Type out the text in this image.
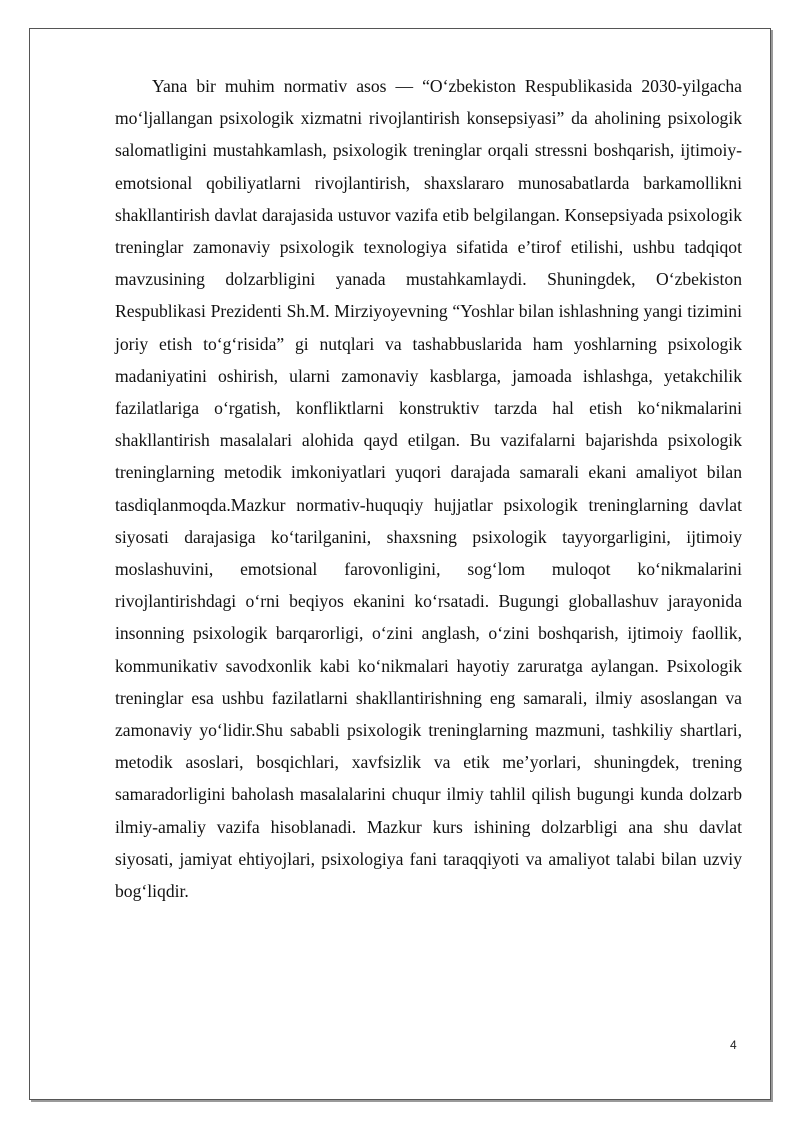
Yana bir muhim normativ asos — “O‘zbekiston Respublikasida 2030-yilgacha mo‘ljallangan psixologik xizmatni rivojlantirish konsepsiyasi” da aholining psixologik salomatligini mustahkamlash, psixologik treninglar orqali stressni boshqarish, ijtimoiy-emotsional qobiliyatlarni rivojlantirish, shaxslararo munosabatlarda barkamollikni shakllantirish davlat darajasida ustuvor vazifa etib belgilangan. Konsepsiyada psixologik treninglar zamonaviy psixologik texnologiya sifatida e’tirof etilishi, ushbu tadqiqot mavzusining dolzarbligini yanada mustahkamlaydi. Shuningdek, O‘zbekiston Respublikasi Prezidenti Sh.M. Mirziyoyevning “Yoshlar bilan ishlashning yangi tizimini joriy etish to‘g‘risida” gi nutqlari va tashabbuslarida ham yoshlarning psixologik madaniyatini oshirish, ularni zamonaviy kasblarga, jamoada ishlashga, yetakchilik fazilatlariga o‘rgatish, konfliktlarni konstruktiv tarzda hal etish ko‘nikmalarini shakllantirish masalalari alohida qayd etilgan. Bu vazifalarni bajarishda psixologik treninglarning metodik imkoniyatlari yuqori darajada samarali ekani amaliyot bilan tasdiqlanmoqda.Mazkur normativ-huquqiy hujjatlar psixologik treninglarning davlat siyosati darajasiga ko‘tarilganini, shaxsning psixologik tayyorgarligini, ijtimoiy moslashuvini, emotsional farovonligini, sog‘lom muloqot ko‘nikmalarini rivojlantirishdagi o‘rni beqiyos ekanini ko‘rsatadi. Bugungi globallashuv jarayonida insonning psixologik barqarorligi, o‘zini anglash, o‘zini boshqarish, ijtimoiy faollik, kommunikativ savodxonlik kabi ko‘nikmalari hayotiy zaruratga aylangan. Psixologik treninglar esa ushbu fazilatlarni shakllantirishning eng samarali, ilmiy asoslangan va zamonaviy yo‘lidir.Shu sababli psixologik treninglarning mazmuni, tashkiliy shartlari, metodik asoslari, bosqichlari, xavfsizlik va etik me’yorlari, shuningdek, trening samaradorligini baholash masalalarini chuqur ilmiy tahlil qilish bugungi kunda dolzarb ilmiy-amaliy vazifa hisoblanadi. Mazkur kurs ishining dolzarbligi ana shu davlat siyosati, jamiyat ehtiyojlari, psixologiya fani taraqqiyoti va amaliyot talabi bilan uzviy bog‘liqdir.

4
